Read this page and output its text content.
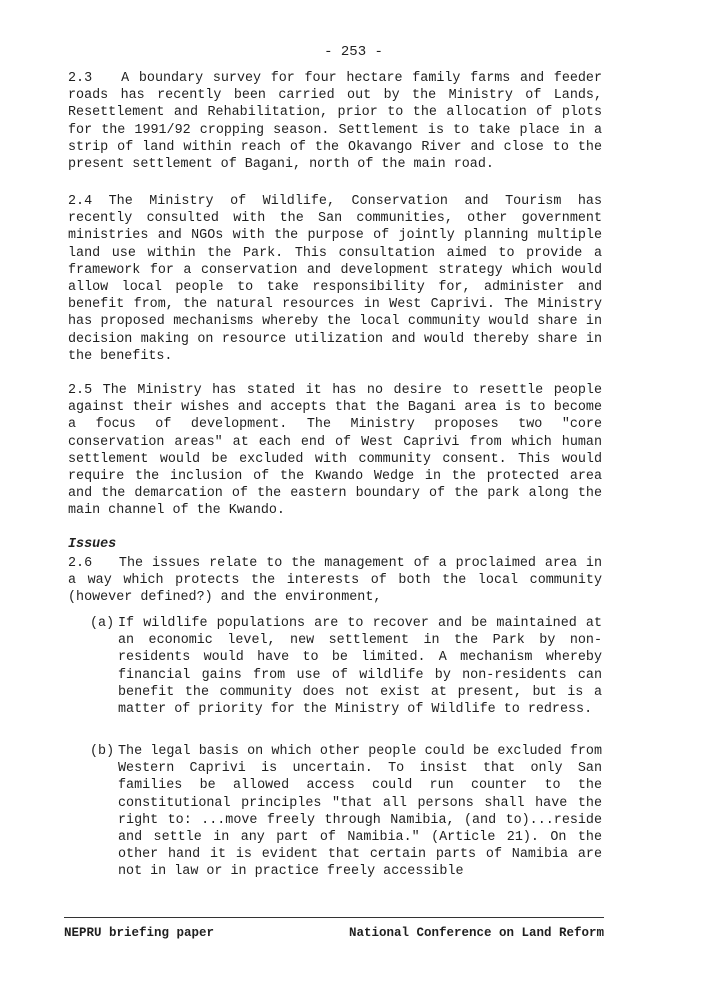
- 253 -

2.3 A boundary survey for four hectare family farms and feeder roads has recently been carried out by the Ministry of Lands, Resettlement and Rehabilitation, prior to the allocation of plots for the 1991/92 cropping season. Settlement is to take place in a strip of land within reach of the Okavango River and close to the present settlement of Bagani, north of the main road.

2.4 The Ministry of Wildlife, Conservation and Tourism has recently consulted with the San communities, other government ministries and NGOs with the purpose of jointly planning multiple land use within the Park. This consultation aimed to provide a framework for a conservation and development strategy which would allow local people to take responsibility for, administer and benefit from, the natural resources in West Caprivi. The Ministry has proposed mechanisms whereby the local community would share in decision making on resource utilization and would thereby share in the benefits.

2.5 The Ministry has stated it has no desire to resettle people against their wishes and accepts that the Bagani area is to become a focus of development. The Ministry proposes two "core conservation areas" at each end of West Caprivi from which human settlement would be excluded with community consent. This would require the inclusion of the Kwando Wedge in the protected area and the demarcation of the eastern boundary of the park along the main channel of the Kwando.

Issues

2.6 The issues relate to the management of a proclaimed area in a way which protects the interests of both the local community (however defined?) and the environment,

(a) If wildlife populations are to recover and be maintained at an economic level, new settlement in the Park by non-residents would have to be limited. A mechanism whereby financial gains from use of wildlife by non-residents can benefit the community does not exist at present, but is a matter of priority for the Ministry of Wildlife to redress.
(b) The legal basis on which other people could be excluded from Western Caprivi is uncertain. To insist that only San families be allowed access could run counter to the constitutional principles "that all persons shall have the right to: ...move freely through Namibia, (and to)...reside and settle in any part of Namibia." (Article 21). On the other hand it is evident that certain parts of Namibia are not in law or in practice freely accessible
NEPRU briefing paper	National Conference on Land Reform
